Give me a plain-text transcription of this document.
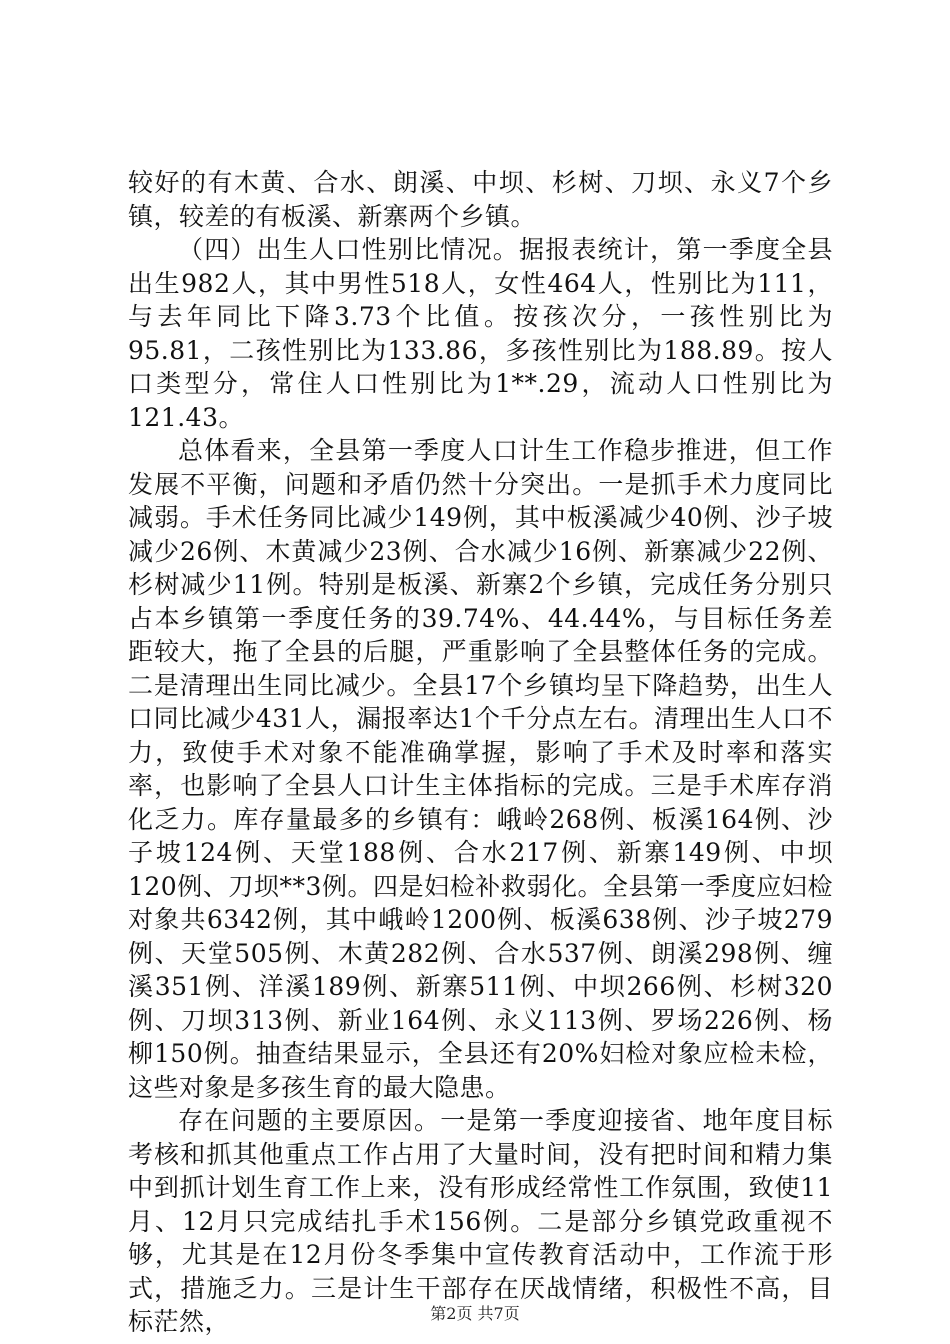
较好的有木黄、合水、朗溪、中坝、杉树、刀坝、永义7个乡镇，较差的有板溪、新寨两个乡镇。

（四）出生人口性别比情况。据报表统计，第一季度全县出生982人，其中男性518人，女性464人，性别比为111，与去年同比下降3.73个比值。按孩次分，一孩性别比为95.81，二孩性别比为133.86，多孩性别比为188.89。按人口类型分，常住人口性别比为1**.29，流动人口性别比为121.43。

总体看来，全县第一季度人口计生工作稳步推进，但工作发展不平衡，问题和矛盾仍然十分突出。一是抓手术力度同比减弱。手术任务同比减少149例，其中板溪减少40例、沙子坡减少26例、木黄减少23例、合水减少16例、新寨减少22例、杉树减少11例。特别是板溪、新寨2个乡镇，完成任务分别只占本乡镇第一季度任务的39.74%、44.44%，与目标任务差距较大，拖了全县的后腿，严重影响了全县整体任务的完成。二是清理出生同比减少。全县17个乡镇均呈下降趋势，出生人口同比减少431人，漏报率达1个千分点左右。清理出生人口不力，致使手术对象不能准确掌握，影响了手术及时率和落实率，也影响了全县人口计生主体指标的完成。三是手术库存消化乏力。库存量最多的乡镇有：峨岭268例、板溪164例、沙子坡124例、天堂188例、合水217例、新寨149例、中坝120例、刀坝**3例。四是妇检补救弱化。全县第一季度应妇检对象共6342例，其中峨岭1200例、板溪638例、沙子坡279例、天堂505例、木黄282例、合水537例、朗溪298例、缠溪351例、洋溪189例、新寨511例、中坝266例、杉树320例、刀坝313例、新业164例、永义113例、罗场226例、杨柳150例。抽查结果显示，全县还有20%妇检对象应检未检，这些对象是多孩生育的最大隐患。

存在问题的主要原因。一是第一季度迎接省、地年度目标考核和抓其他重点工作占用了大量时间，没有把时间和精力集中到抓计划生育工作上来，没有形成经常性工作氛围，致使11月、12月只完成结扎手术156例。二是部分乡镇党政重视不够，尤其是在12月份冬季集中宣传教育活动中，工作流于形式，措施乏力。三是计生干部存在厌战情绪，积极性不高，目标茫然，	第2页 共7页
